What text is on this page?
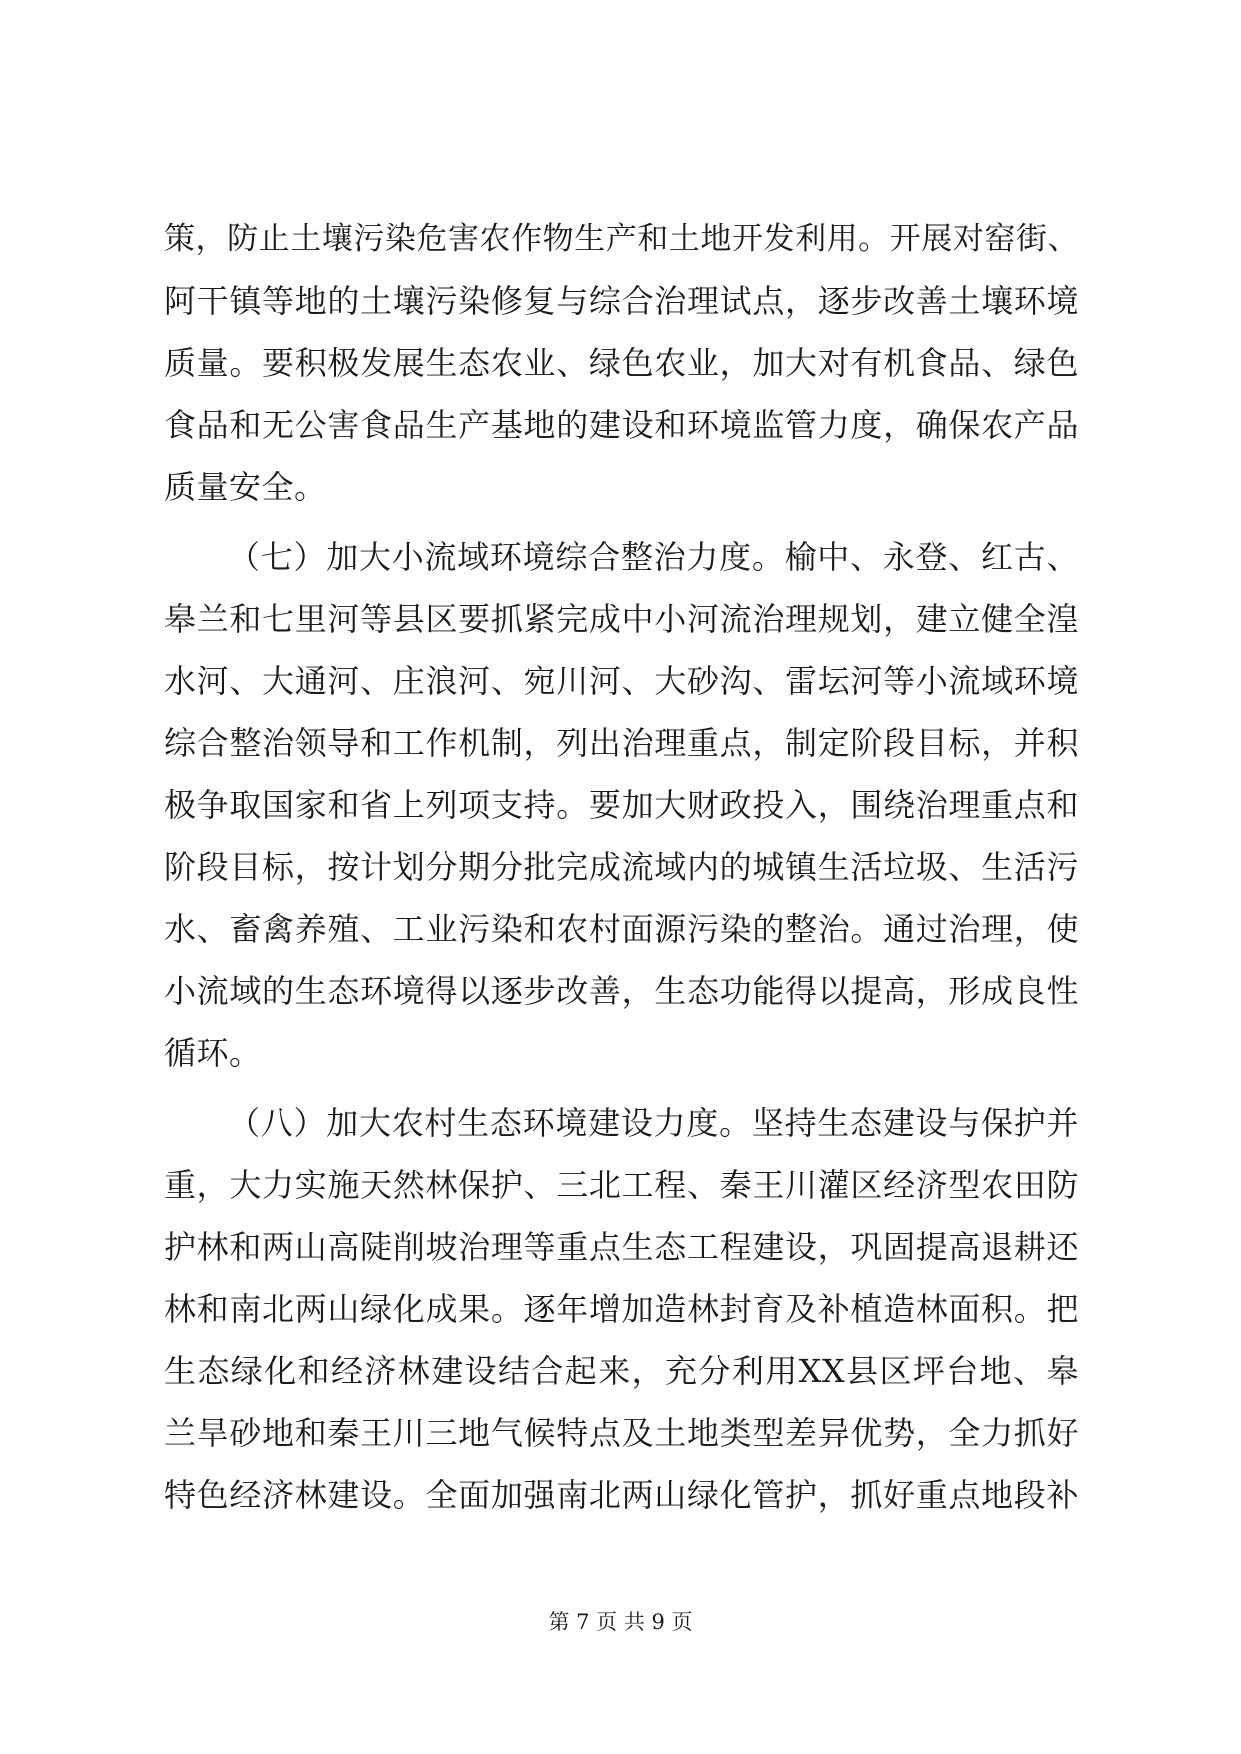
策，防止土壤污染危害农作物生产和土地开发利用。开展对窑街、
阿干镇等地的土壤污染修复与综合治理试点，逐步改善土壤环境
质量。要积极发展生态农业、绿色农业，加大对有机食品、绿色
食品和无公害食品生产基地的建设和环境监管力度，确保农产品
质量安全。
（七）加大小流域环境综合整治力度。榆中、永登、红古、
皋兰和七里河等县区要抓紧完成中小河流治理规划，建立健全湟
水河、大通河、庄浪河、宛川河、大砂沟、雷坛河等小流域环境
综合整治领导和工作机制，列出治理重点，制定阶段目标，并积
极争取国家和省上列项支持。要加大财政投入，围绕治理重点和
阶段目标，按计划分期分批完成流域内的城镇生活垃圾、生活污
水、畜禽养殖、工业污染和农村面源污染的整治。通过治理，使
小流域的生态环境得以逐步改善，生态功能得以提高，形成良性
循环。
（八）加大农村生态环境建设力度。坚持生态建设与保护并
重，大力实施天然林保护、三北工程、秦王川灌区经济型农田防
护林和两山高陡削坡治理等重点生态工程建设，巩固提高退耕还
林和南北两山绿化成果。逐年增加造林封育及补植造林面积。把
生态绿化和经济林建设结合起来，充分利用XX县区坪台地、皋
兰旱砂地和秦王川三地气候特点及土地类型差异优势，全力抓好
特色经济林建设。全面加强南北两山绿化管护，抓好重点地段补
第 7 页 共 9 页
